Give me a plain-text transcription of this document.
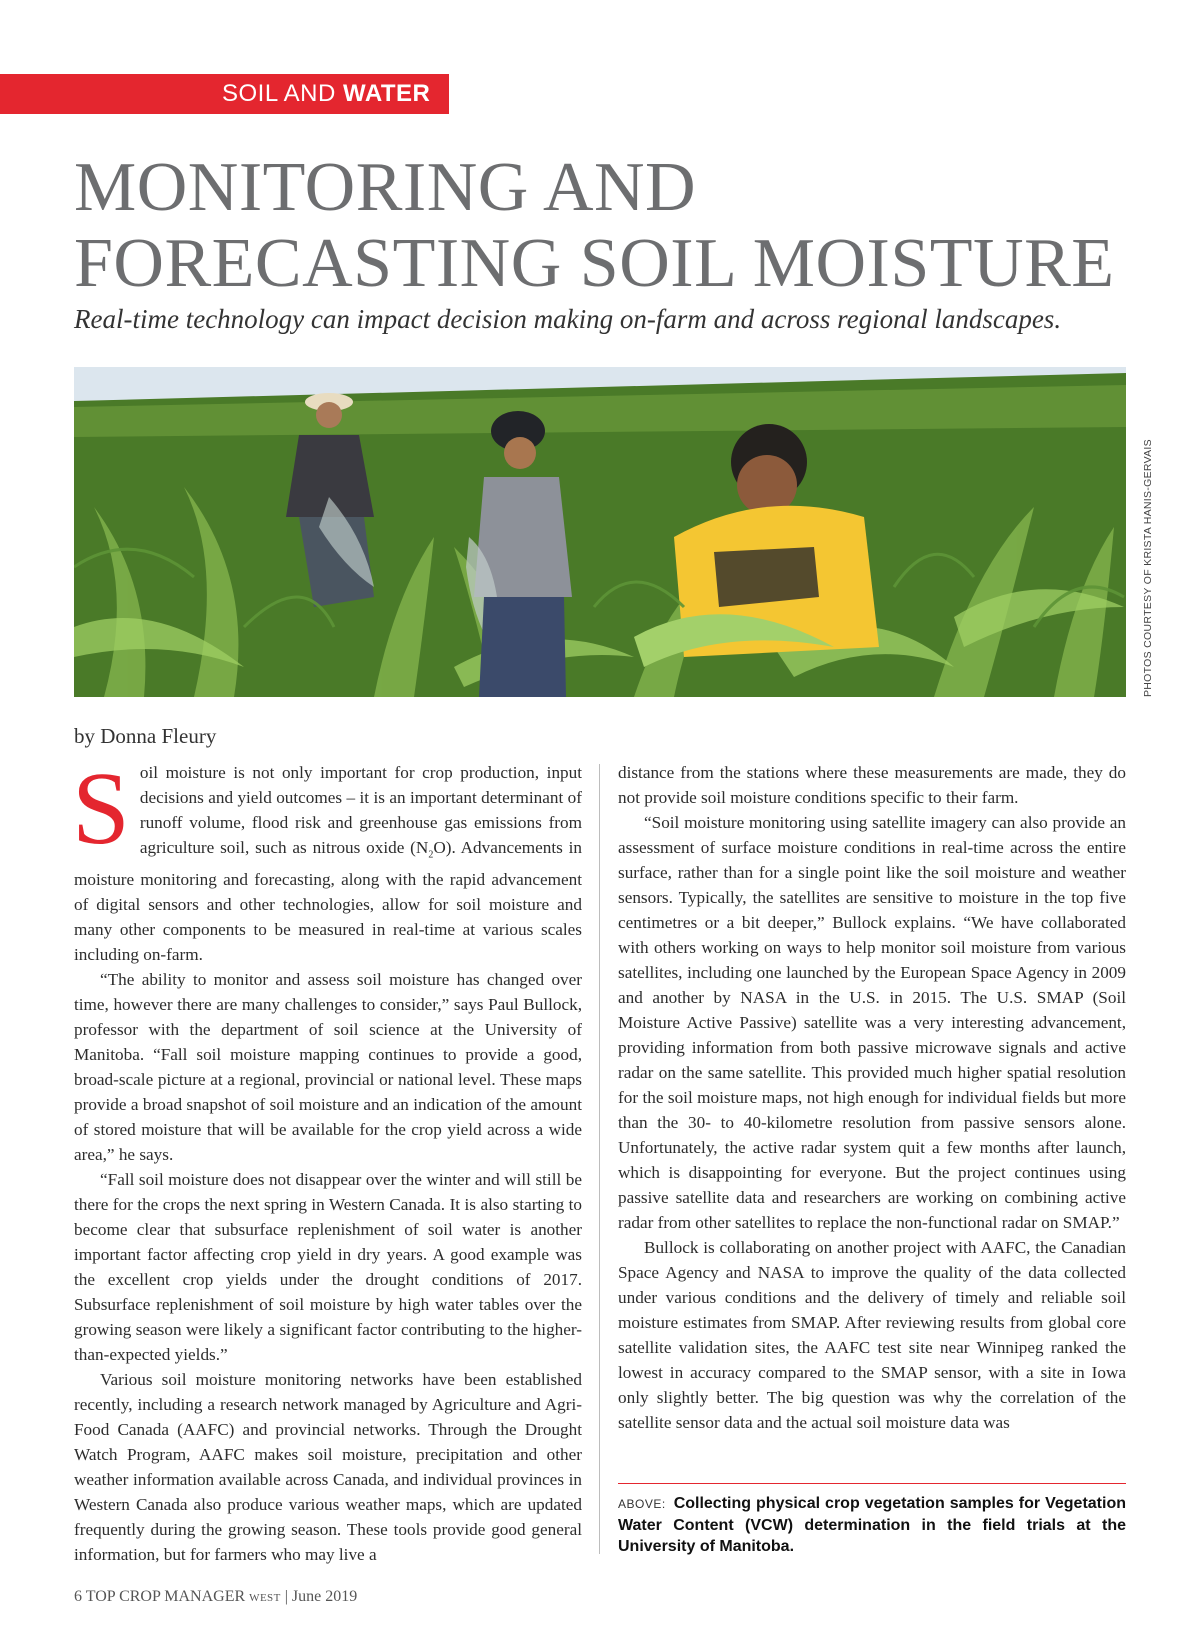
SOIL AND WATER
MONITORING AND
FORECASTING SOIL MOISTURE
Real-time technology can impact decision making on-farm and across regional landscapes.
PHOTOS COURTESY OF KRISTA HANIS-GERVAIS
by Donna Fleury

Soil moisture is not only important for crop production, input decisions and yield outcomes – it is an important determinant of runoff volume, flood risk and greenhouse gas emissions from agriculture soil, such as nitrous oxide $(N_2O)$. Advancements in moisture monitoring and forecasting, along with the rapid advancement of digital sensors and other technologies, allow for soil moisture and many other components to be measured in real-time at various scales including on-farm.

“The ability to monitor and assess soil moisture has changed over time, however there are many challenges to consider,” says Paul Bullock, professor with the department of soil science at the University of Manitoba. “Fall soil moisture mapping continues to provide a good, broad-scale picture at a regional, provincial or national level. These maps provide a broad snapshot of soil moisture and an indication of the amount of stored moisture that will be available for the crop yield across a wide area,” he says.

“Fall soil moisture does not disappear over the winter and will still be there for the crops the next spring in Western Canada. It is also starting to become clear that subsurface replenishment of soil water is another important factor affecting crop yield in dry years. A good example was the excellent crop yields under the drought conditions of 2017. Subsurface replenishment of soil moisture by high water tables over the growing season were likely a significant factor contributing to the higher-than-expected yields.”

Various soil moisture monitoring networks have been established recently, including a research network managed by Agriculture and Agri-Food Canada (AAFC) and provincial networks. Through the Drought Watch Program, AAFC makes soil moisture, precipitation and other weather information available across Canada, and individual provinces in Western Canada also produce various weather maps, which are updated frequently during the growing season. These tools provide good general information, but for farmers who may live a

distance from the stations where these measurements are made, they do not provide soil moisture conditions specific to their farm.

“Soil moisture monitoring using satellite imagery can also provide an assessment of surface moisture conditions in real-time across the entire surface, rather than for a single point like the soil moisture and weather sensors. Typically, the satellites are sensitive to moisture in the top five centimetres or a bit deeper,” Bullock explains. “We have collaborated with others working on ways to help monitor soil moisture from various satellites, including one launched by the European Space Agency in 2009 and another by NASA in the U.S. in 2015. The U.S. SMAP (Soil Moisture Active Passive) satellite was a very interesting advancement, providing information from both passive microwave signals and active radar on the same satellite. This provided much higher spatial resolution for the soil moisture maps, not high enough for individual fields but more than the 30- to 40-kilometre resolution from passive sensors alone. Unfortunately, the active radar system quit a few months after launch, which is disappointing for everyone. But the project continues using passive satellite data and researchers are working on combining active radar from other satellites to replace the non-functional radar on SMAP.”

Bullock is collaborating on another project with AAFC, the Canadian Space Agency and NASA to improve the quality of the data collected under various conditions and the delivery of timely and reliable soil moisture estimates from SMAP. After reviewing results from global core satellite validation sites, the AAFC test site near Winnipeg ranked the lowest in accuracy compared to the SMAP sensor, with a site in Iowa only slightly better. The big question was why the correlation of the satellite sensor data and the actual soil moisture data was

ABOVE: Collecting physical crop vegetation samples for Vegetation Water Content (VCW) determination in the field trials at the University of Manitoba.
6 TOP CROP MANAGER WEST | June 2019
